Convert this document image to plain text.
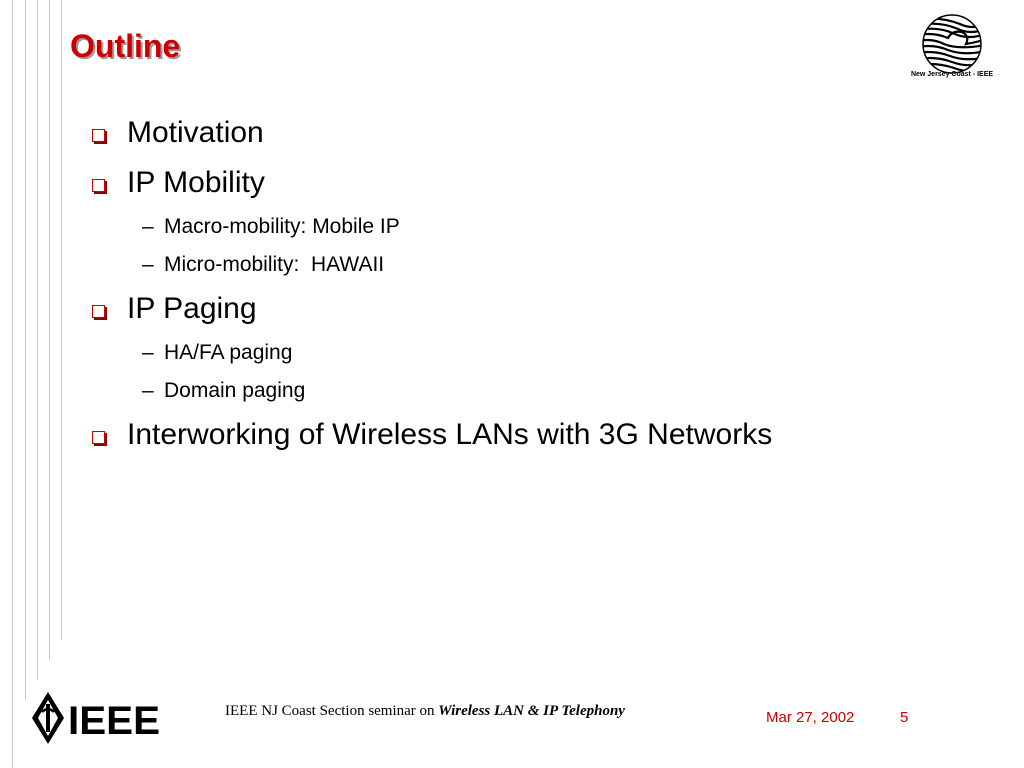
Outline
New Jersey Coast - IEEE
Motivation
IP Mobility
– Macro-mobility: Mobile IP
– Micro-mobility:  HAWAII
IP Paging
– HA/FA paging
– Domain paging
Interworking of Wireless LANs with 3G Networks
IEEE	IEEE NJ Coast Section seminar on Wireless LAN & IP Telephony	Mar 27, 2002	5
